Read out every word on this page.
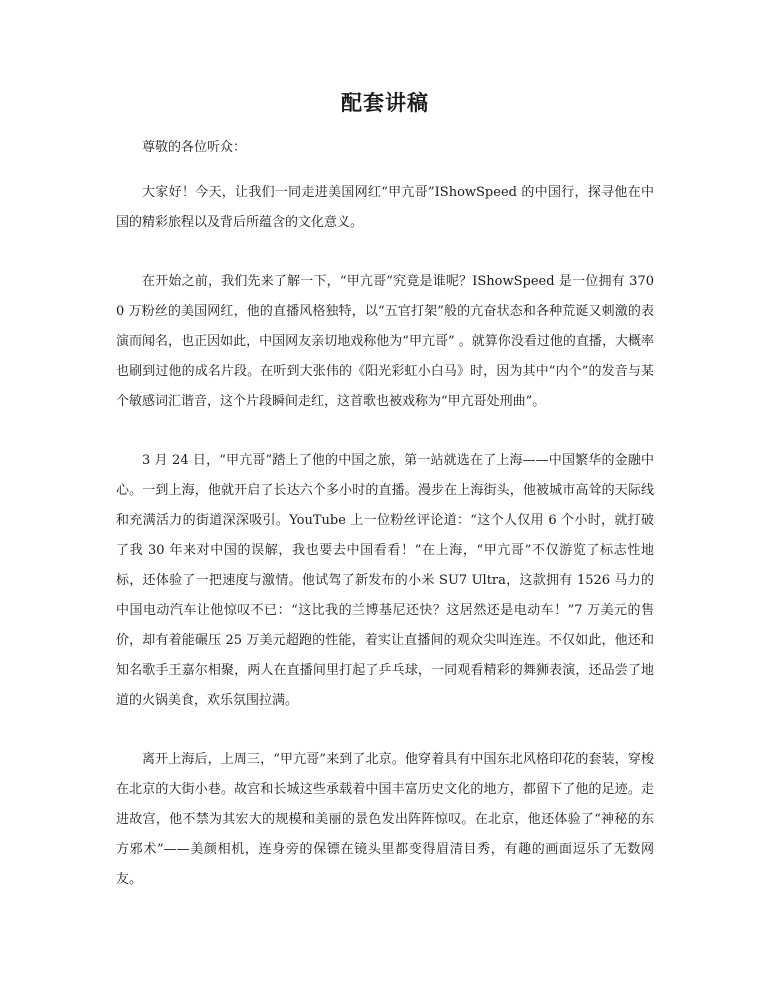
配套讲稿

尊敬的各位听众：

大家好！今天，让我们一同走进美国网红“甲亢哥”IShowSpeed 的中国行，探寻他在中国的精彩旅程以及背后所蕴含的文化意义。

在开始之前，我们先来了解一下，“甲亢哥”究竟是谁呢？IShowSpeed 是一位拥有 3700 万粉丝的美国网红，他的直播风格独特，以“五官打架”般的亢奋状态和各种荒诞又刺激的表演而闻名，也正因如此，中国网友亲切地戏称他为“甲亢哥” 。就算你没看过他的直播，大概率也刷到过他的成名片段。在听到大张伟的《阳光彩虹小白马》时，因为其中“内个”的发音与某个敏感词汇谐音，这个片段瞬间走红，这首歌也被戏称为“甲亢哥处刑曲”。

3 月 24 日，“甲亢哥”踏上了他的中国之旅，第一站就选在了上海——中国繁华的金融中心。一到上海，他就开启了长达六个多小时的直播。漫步在上海街头，他被城市高耸的天际线和充满活力的街道深深吸引。YouTube 上一位粉丝评论道：“这个人仅用 6 个小时，就打破了我 30 年来对中国的误解，我也要去中国看看！”在上海，“甲亢哥”不仅游览了标志性地标，还体验了一把速度与激情。他试驾了新发布的小米 SU7 Ultra，这款拥有 1526 马力的中国电动汽车让他惊叹不已：“这比我的兰博基尼还快？这居然还是电动车！”7 万美元的售价，却有着能碾压 25 万美元超跑的性能，着实让直播间的观众尖叫连连。不仅如此，他还和知名歌手王嘉尔相聚，两人在直播间里打起了乒乓球，一同观看精彩的舞狮表演，还品尝了地道的火锅美食，欢乐氛围拉满。

离开上海后，上周三，“甲亢哥”来到了北京。他穿着具有中国东北风格印花的套装，穿梭在北京的大街小巷。故宫和长城这些承载着中国丰富历史文化的地方，都留下了他的足迹。走进故宫，他不禁为其宏大的规模和美丽的景色发出阵阵惊叹。在北京，他还体验了“神秘的东方邪术”——美颜相机，连身旁的保镖在镜头里都变得眉清目秀，有趣的画面逗乐了无数网友。
